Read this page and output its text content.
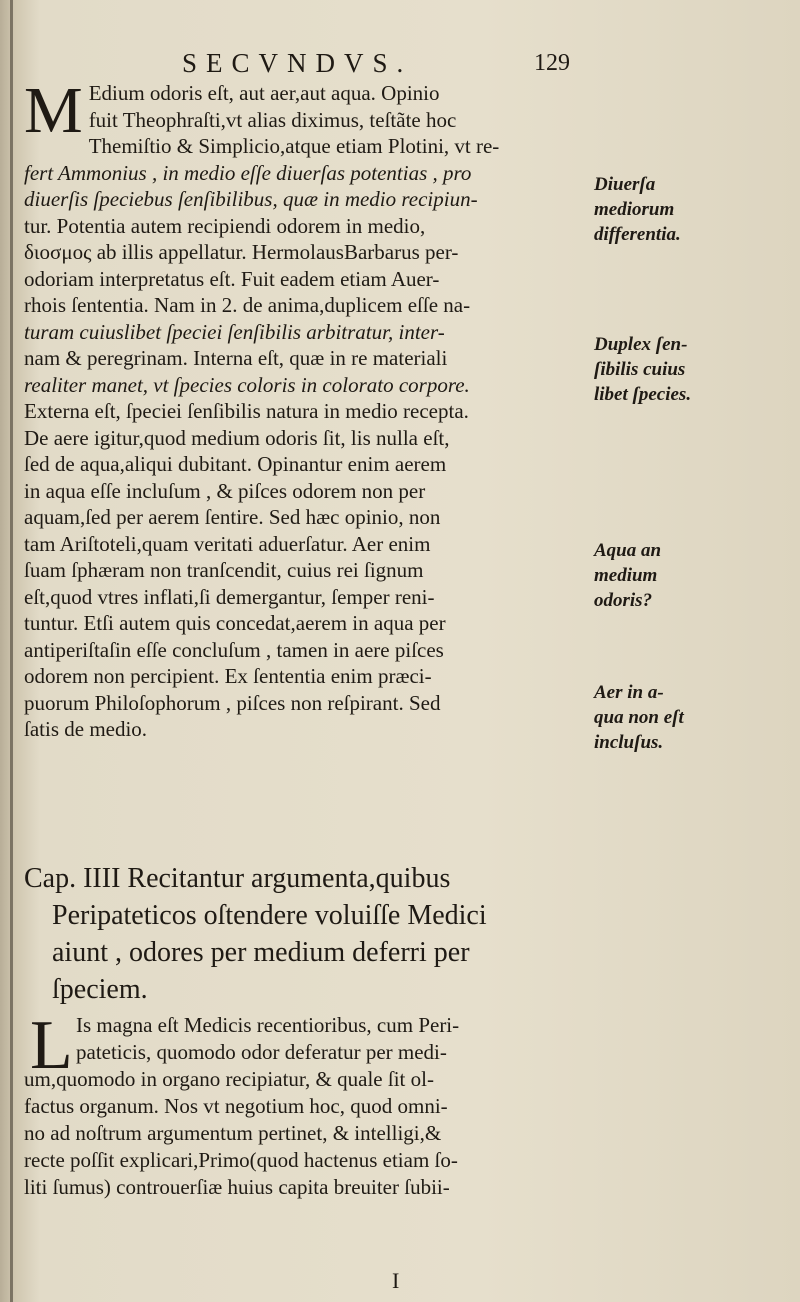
SECVNDVS.	129
M Edium odoris eſt, aut aer,aut aqua. Opinio
fuit Theophraſti,vt alias diximus, teſtãte hoc
Themiſtio & Simplicio,atque etiam Plotini, vt re-
fert Ammonius , in medio eſſe diuerſas potentias , pro
diuerſis ſpeciebus ſenſibilibus, quæ in medio recipiun-
tur. Potentia autem recipiendi odorem in medio,
διοσμος ab illis appellatur. HermolausBarbarus per-
odoriam interpretatus eſt. Fuit eadem etiam Auer-
rhois ſententia. Nam in 2. de anima,duplicem eſſe na-
turam cuiuslibet ſpeciei ſenſibilis arbitratur, inter-
nam & peregrinam. Interna eſt, quæ in re materiali
realiter manet, vt ſpecies coloris in colorato corpore.
Externa eſt, ſpeciei ſenſibilis natura in medio recepta.
De aere igitur,quod medium odoris ſit, lis nulla eſt,
ſed de aqua,aliqui dubitant. Opinantur enim aerem
in aqua eſſe incluſum , & piſces odorem non per
aquam,ſed per aerem ſentire. Sed hæc opinio, non
tam Ariſtoteli,quam veritati aduerſatur. Aer enim
ſuam ſphæram non tranſcendit, cuius rei ſignum
eſt,quod vtres inflati,ſi demergantur, ſemper reni-
tuntur. Etſi autem quis concedat,aerem in aqua per
antiperiſtaſin eſſe concluſum , tamen in aere piſces
odorem non percipient. Ex ſententia enim præci-
puorum Philoſophorum , piſces non reſpirant. Sed
ſatis de medio.
Diuerſa
mediorum
differentia.
Duplex ſen-
ſibilis cuius
libet ſpecies.
Aqua an
medium
odoris?
Aer in a-
qua non eſt
incluſus.
Cap. IIII Recitantur argumenta,quibus
Peripateticos oſtendere voluiſſe Medici
aiunt , odores per medium deferri per
ſpeciem.
L Is magna eſt Medicis recentioribus, cum Peri-
pateticis, quomodo odor deferatur per medi-
um,quomodo in organo recipiatur, & quale ſit ol-
factus organum. Nos vt negotium hoc, quod omni-
no ad noſtrum argumentum pertinet, & intelligi,&
recte poſſit explicari,Primo(quod hactenus etiam ſo-
liti ſumus) controuerſiæ huius capita breuiter ſubii-
I
